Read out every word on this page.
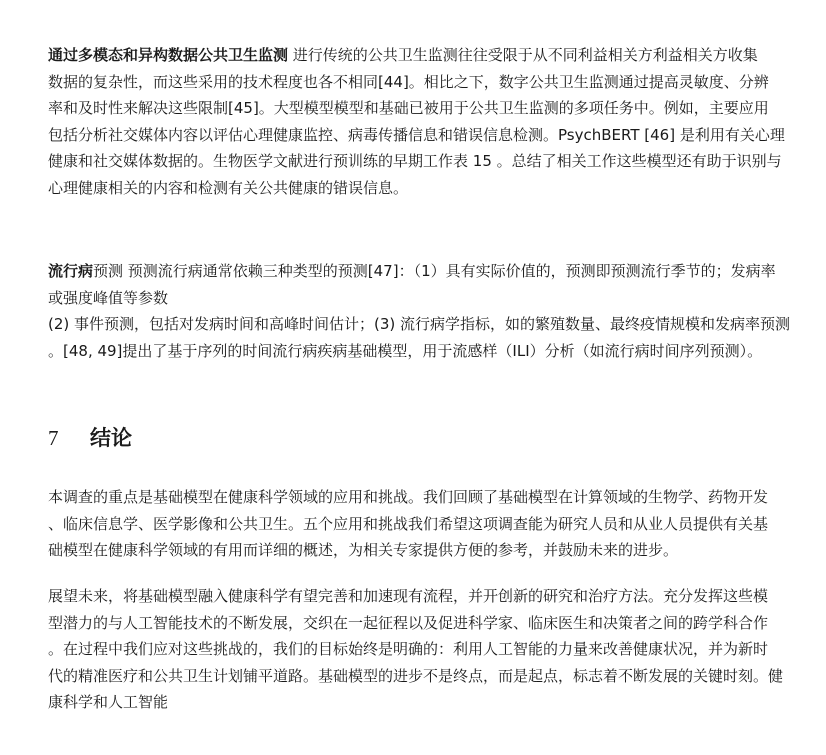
通过多模态和异构数据公共卫生监测 进行传统的公共卫生监测往往受限于从不同利益相关方利益相关方收集
数据的复杂性，而这些采用的技术程度也各不相同[44]。相比之下，数字公共卫生监测通过提高灵敏度、分辨
率和及时性来解决这些限制[45]。大型模型模型和基础已被用于公共卫生监测的多项任务中。例如，主要应用
包括分析社交媒体内容以评估心理健康监控、病毒传播信息和错误信息检测。PsychBERT [46] 是利用有关心理
健康和社交媒体数据的。生物医学文献进行预训练的早期工作表 15 。总结了相关工作这些模型还有助于识别与
心理健康相关的内容和检测有关公共健康的错误信息。

流行病预测 预测流行病通常依赖三种类型的预测[47]：（1）具有实际价值的，预测即预测流行季节的；发病率
或强度峰值等参数
(2) 事件预测，包括对发病时间和高峰时间估计；(3) 流行病学指标，如的繁殖数量、最终疫情规模和发病率预测
。[48, 49]提出了基于序列的时间流行病疾病基础模型，用于流感样（ILI）分析（如流行病时间序列预测）。

7 结论

本调查的重点是基础模型在健康科学领域的应用和挑战。我们回顾了基础模型在计算领域的生物学、药物开发
、临床信息学、医学影像和公共卫生。五个应用和挑战我们希望这项调查能为研究人员和从业人员提供有关基
础模型在健康科学领域的有用而详细的概述，为相关专家提供方便的参考，并鼓励未来的进步。

展望未来，将基础模型融入健康科学有望完善和加速现有流程，并开创新的研究和治疗方法。充分发挥这些模
型潜力的与人工智能技术的不断发展，交织在一起征程以及促进科学家、临床医生和决策者之间的跨学科合作
。在过程中我们应对这些挑战的，我们的目标始终是明确的：利用人工智能的力量来改善健康状况，并为新时
代的精准医疗和公共卫生计划铺平道路。基础模型的进步不是终点，而是起点，标志着不断发展的关键时刻。健
康科学和人工智能
